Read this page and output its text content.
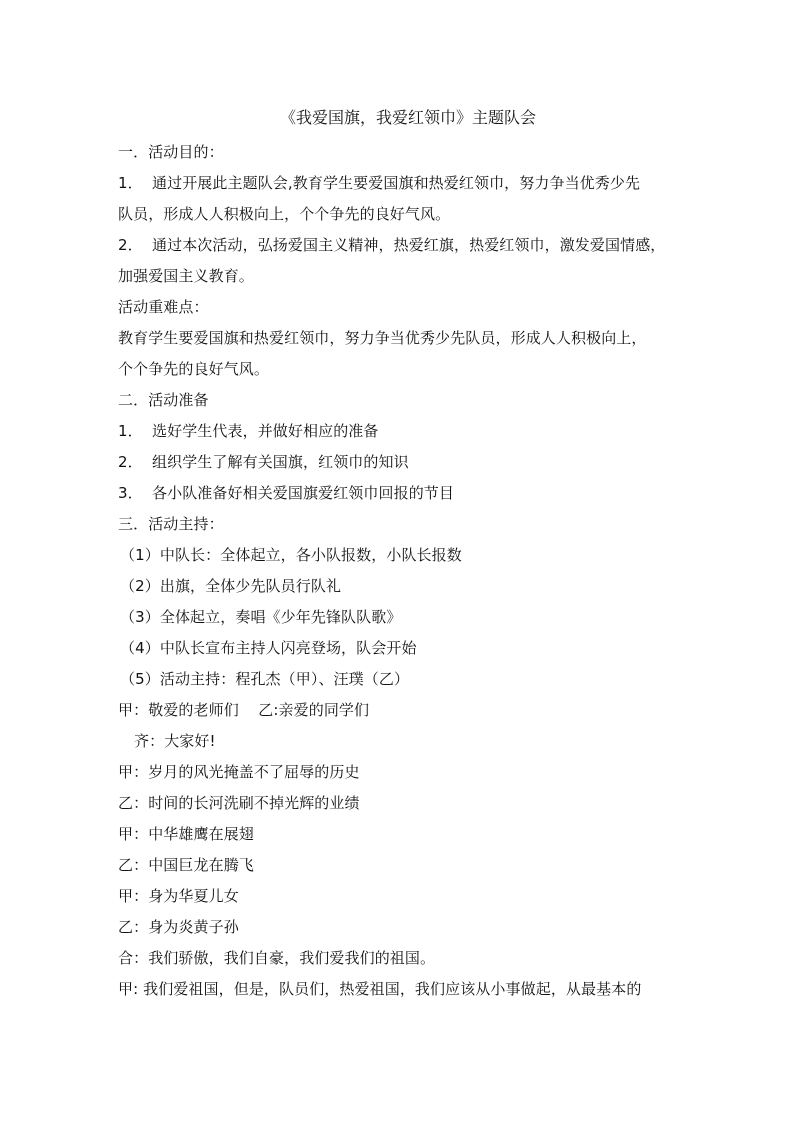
《我爱国旗，我爱红领巾》主题队会
一．活动目的：
1． 通过开展此主题队会,教育学生要爱国旗和热爱红领巾，努力争当优秀少先
队员，形成人人积极向上，个个争先的良好气风。
2． 通过本次活动，弘扬爱国主义精神，热爱红旗，热爱红领巾，激发爱国情感，
加强爱国主义教育。
活动重难点：
教育学生要爱国旗和热爱红领巾，努力争当优秀少先队员，形成人人积极向上，
个个争先的良好气风。
二．活动准备
1． 选好学生代表，并做好相应的准备
2． 组织学生了解有关国旗，红领巾的知识
3． 各小队准备好相关爱国旗爱红领巾回报的节目
三．活动主持：
（1）中队长：全体起立，各小队报数，小队长报数
（2）出旗，全体少先队员行队礼
（3）全体起立，奏唱《少年先锋队队歌》
（4）中队长宣布主持人闪亮登场，队会开始
（5）活动主持：程孔杰（甲）、汪璞（乙）
甲：敬爱的老师们    乙:亲爱的同学们
齐：大家好!
甲：岁月的风光掩盖不了屈辱的历史
乙：时间的长河洗刷不掉光辉的业绩
甲：中华雄鹰在展翅
乙：中国巨龙在腾飞
甲：身为华夏儿女
乙：身为炎黄子孙
合：我们骄傲，我们自豪，我们爱我们的祖国。
甲: 我们爱祖国，但是，队员们，热爱祖国，我们应该从小事做起，从最基本的
